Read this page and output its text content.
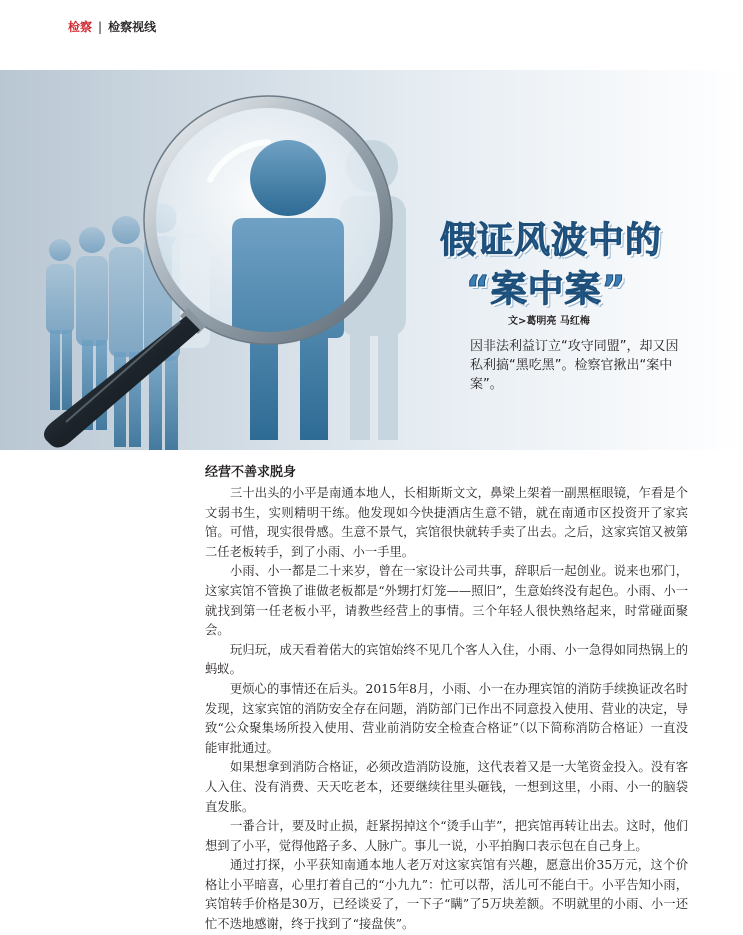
检察 | 检察视线
假证风波中的
“案中案”
文>葛明亮 马红梅
因非法利益订立“攻守同盟”，却又因私利搞“黑吃黑”。检察官揪出“案中案”。
经营不善求脱身

三十出头的小平是南通本地人，长相斯斯文文，鼻梁上架着一副黑框眼镜，乍看是个文弱书生，实则精明干练。他发现如今快捷酒店生意不错，就在南通市区投资开了家宾馆。可惜，现实很骨感。生意不景气，宾馆很快就转手卖了出去。之后，这家宾馆又被第二任老板转手，到了小雨、小一手里。

小雨、小一都是二十来岁，曾在一家设计公司共事，辞职后一起创业。说来也邪门，这家宾馆不管换了谁做老板都是“外甥打灯笼——照旧”，生意始终没有起色。小雨、小一就找到第一任老板小平，请教些经营上的事情。三个年轻人很快熟络起来，时常碰面聚会。

玩归玩，成天看着偌大的宾馆始终不见几个客人入住，小雨、小一急得如同热锅上的蚂蚁。

更烦心的事情还在后头。2015年8月，小雨、小一在办理宾馆的消防手续换证改名时发现，这家宾馆的消防安全存在问题，消防部门已作出不同意投入使用、营业的决定，导致“公众聚集场所投入使用、营业前消防安全检查合格证”（以下简称消防合格证）一直没能审批通过。

如果想拿到消防合格证，必须改造消防设施，这代表着又是一大笔资金投入。没有客人入住、没有消费、天天吃老本，还要继续往里头砸钱，一想到这里，小雨、小一的脑袋直发胀。

一番合计，要及时止损，赶紧拐掉这个“烫手山芋”，把宾馆再转让出去。这时，他们想到了小平，觉得他路子多、人脉广。事儿一说，小平拍胸口表示包在自己身上。

通过打探，小平获知南通本地人老万对这家宾馆有兴趣，愿意出价35万元，这个价格让小平暗喜，心里打着自己的“小九九”：忙可以帮，活儿可不能白干。小平告知小雨，宾馆转手价格是30万，已经谈妥了，一下子“瞒”了5万块差额。不明就里的小雨、小一还忙不迭地感谢，终于找到了“接盘侠”。
